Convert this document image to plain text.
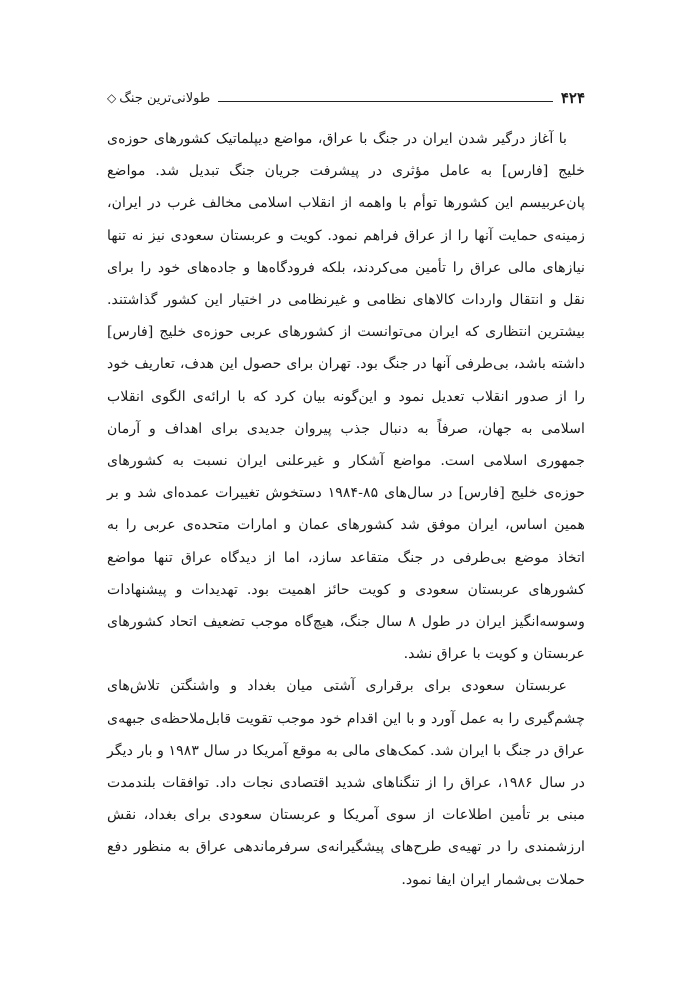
۴۲۴
طولانی‌ترین جنگ
◇

با آغاز درگیر شدن ایران در جنگ با عراق، مواضع دیپلماتیک کشورهای حوزه‌ی خلیج [فارس] به عامل مؤثری در پیشرفت جریان جنگ تبدیل شد. مواضع پان‌عربیسم این کشورها توأم با واهمه از انقلاب اسلامی مخالف غرب در ایران، زمینه‌ی حمایت آنها را از عراق فراهم نمود. کویت و عربستان سعودی نیز نه تنها نیازهای مالی عراق را تأمین می‌کردند، بلکه فرودگاه‌ها و جاده‌های خود را برای نقل و انتقال واردات کالاهای نظامی و غیرنظامی در اختیار این کشور گذاشتند. بیشترین انتظاری که ایران می‌توانست از کشورهای عربی حوزه‌ی خلیج [فارس] داشته باشد، بی‌طرفی آنها در جنگ بود. تهران برای حصول این هدف، تعاریف خود را از صدور انقلاب تعدیل نمود و این‌گونه بیان کرد که با ارائه‌ی الگوی انقلاب اسلامی به جهان، صرفاً به دنبال جذب پیروان جدیدی برای اهداف و آرمان جمهوری اسلامی است. مواضع آشکار و غیرعلنی ایران نسبت به کشورهای حوزه‌ی خلیج [فارس] در سال‌های ۸۵-۱۹۸۴ دستخوش تغییرات عمده‌ای شد و بر همین اساس، ایران موفق شد کشورهای عمان و امارات متحده‌ی عربی را به اتخاذ موضع بی‌طرفی در جنگ متقاعد سازد، اما از دیدگاه عراق تنها مواضع کشورهای عربستان سعودی و کویت حائز اهمیت بود. تهدیدات و پیشنهادات وسوسه‌انگیز ایران در طول ۸ سال جنگ، هیچ‌گاه موجب تضعیف اتحاد کشورهای عربستان و کویت با عراق نشد.

عربستان سعودی برای برقراری آشتی میان بغداد و واشنگتن تلاش‌های چشم‌گیری را به عمل آورد و با این اقدام خود موجب تقویت قابل‌ملاحظه‌ی جبهه‌ی عراق در جنگ با ایران شد. کمک‌های مالی به موقع آمریکا در سال ۱۹۸۳ و بار دیگر در سال ۱۹۸۶، عراق را از تنگناهای شدید اقتصادی نجات داد. توافقات بلندمدت مبنی بر تأمین اطلاعات از سوی آمریکا و عربستان سعودی برای بغداد، نقش ارزشمندی را در تهیه‌ی طرح‌های پیشگیرانه‌ی سرفرماندهی عراق به منظور دفع حملات بی‌شمار ایران ایفا نمود.
